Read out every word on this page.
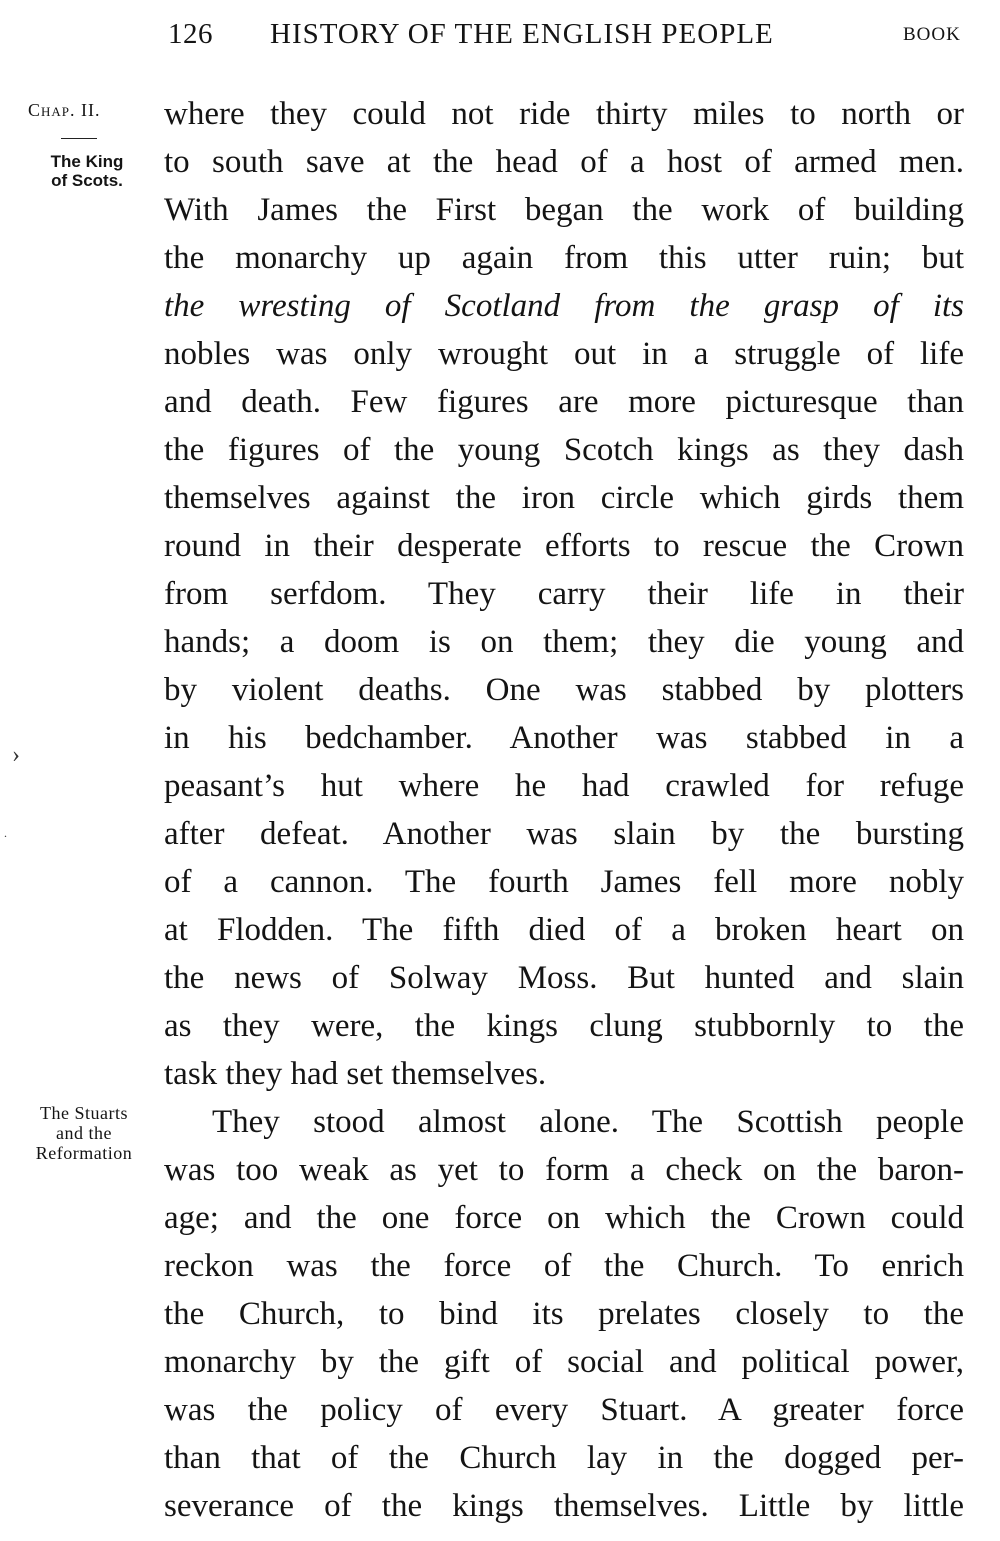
126 HISTORY OF THE ENGLISH PEOPLE	BOOK
Chap. II.
The King
of Scots.
The Stuarts
and the
Reformation
›
.
where they could not ride thirty miles to north or
to south save at the head of a host of armed men.
With James the First began the work of building
the monarchy up again from this utter ruin; but
the wresting of Scotland from the grasp of its
nobles was only wrought out in a struggle of life
and death. Few figures are more picturesque than
the figures of the young Scotch kings as they dash
themselves against the iron circle which girds them
round in their desperate efforts to rescue the Crown
from serfdom. They carry their life in their
hands; a doom is on them; they die young and
by violent deaths. One was stabbed by plotters
in his bedchamber. Another was stabbed in a
peasant’s hut where he had crawled for refuge
after defeat. Another was slain by the bursting
of a cannon. The fourth James fell more nobly
at Flodden. The fifth died of a broken heart on
the news of Solway Moss. But hunted and slain
as they were, the kings clung stubbornly to the
task they had set themselves.
They stood almost alone. The Scottish people
was too weak as yet to form a check on the baron-
age; and the one force on which the Crown could
reckon was the force of the Church. To enrich
the Church, to bind its prelates closely to the
monarchy by the gift of social and political power,
was the policy of every Stuart. A greater force
than that of the Church lay in the dogged per-
severance of the kings themselves. Little by little
